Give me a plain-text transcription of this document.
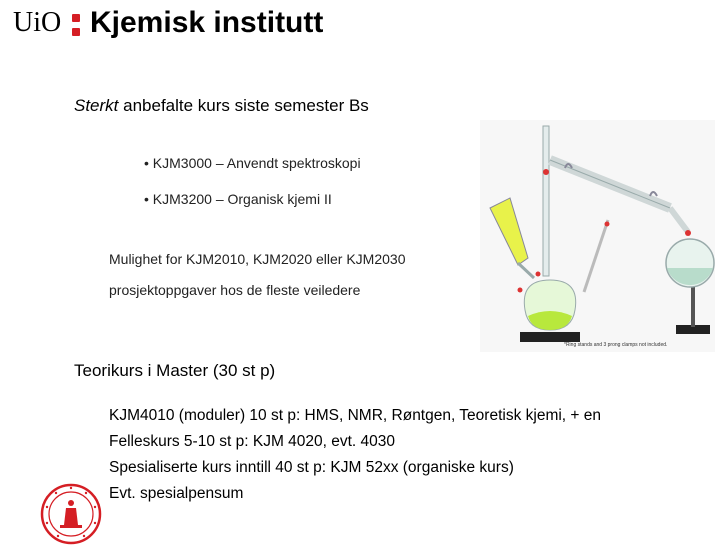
UiO Kjemisk institutt
Sterkt anbefalte kurs siste semester Bs
• KJM3000 – Anvendt spektroskopi
• KJM3200 – Organisk kjemi II
Mulighet for KJM2010, KJM2020 eller KJM2030
prosjektoppgaver hos de fleste veiledere
*Ring stands and 3 prong clamps not included.
Teorikurs i Master (30 st p)
KJM4010 (moduler) 10 st p: HMS, NMR, Røntgen, Teoretisk kjemi, + en
Felleskurs 5-10 st p: KJM 4020, evt. 4030
Spesialiserte kurs inntill 40 st p: KJM 52xx (organiske kurs)
Evt. spesialpensum
